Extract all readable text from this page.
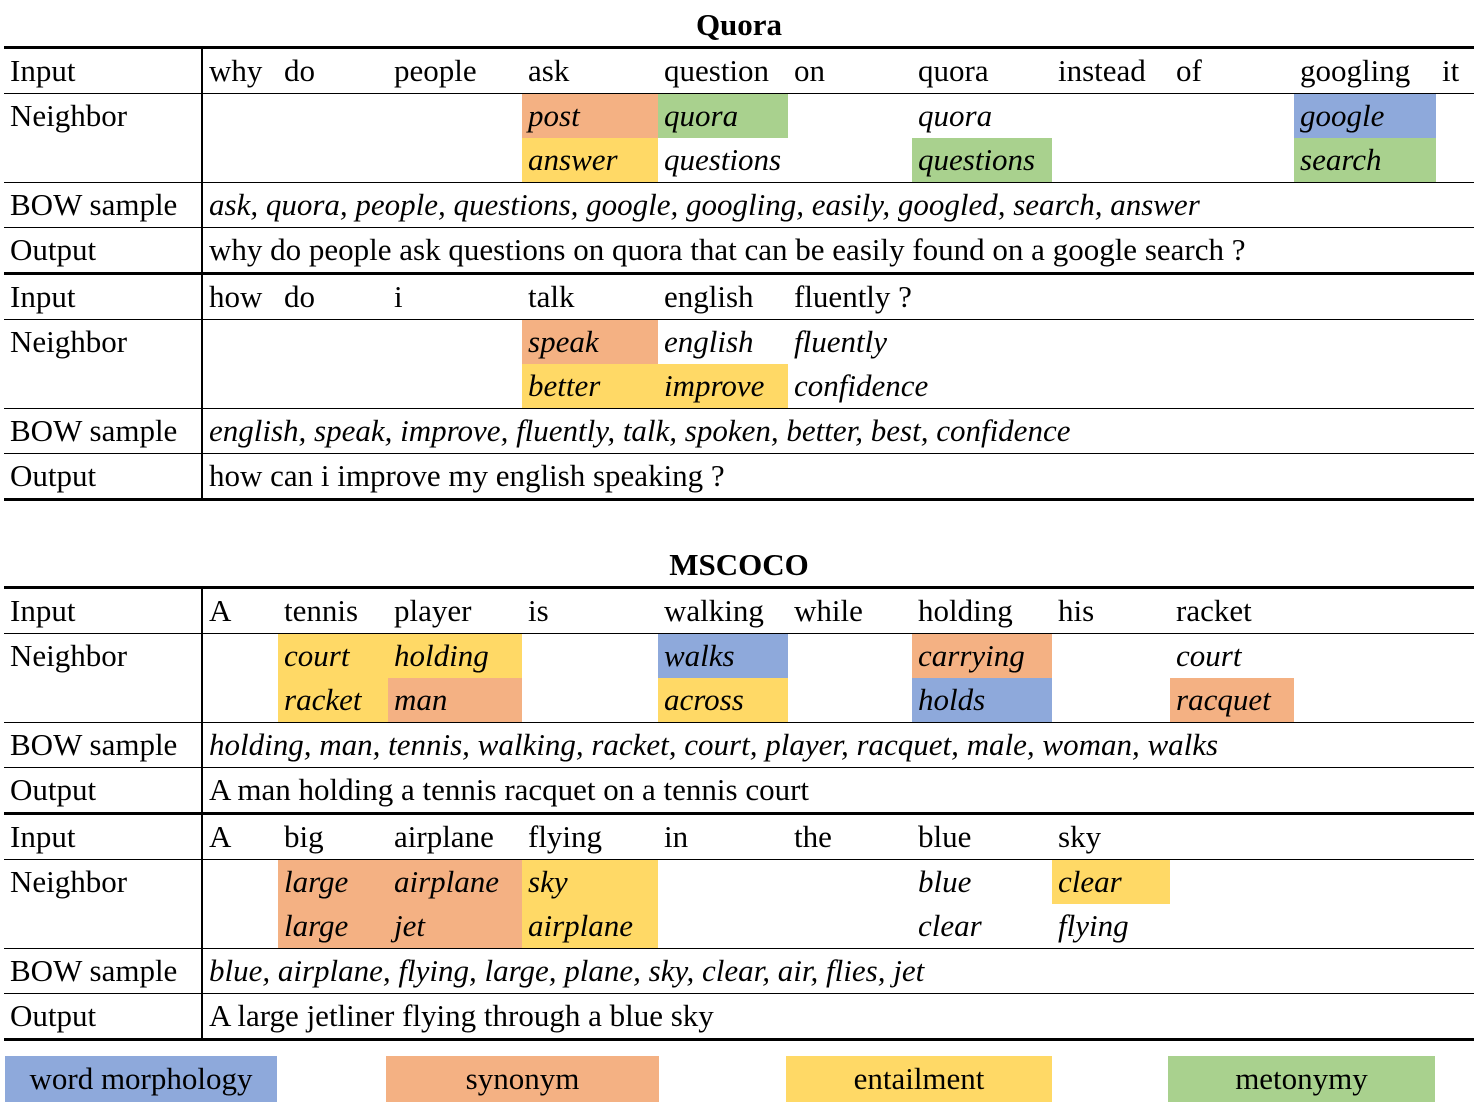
Quora
Input	why	do	people	ask	question	on	quora	instead	of	googling	it
Neighbor				post	quora		quora			google	
				answer	questions		questions			search	
BOW sample	ask, quora, people, questions, google, googling, easily, googled, search, answer										
Output	why do people ask questions on quora that can be easily found on a google search ?										
Input	how	do	i	talk	english	fluently ?					
Neighbor				speak	english	fluently					
				better	improve	confidence					
BOW sample	english, speak, improve, fluently, talk, spoken, better, best, confidence										
Output	how can i improve my english speaking ?										
MSCOCO
Input	A	tennis	player	is	walking	while	holding	his	racket		
Neighbor		court	holding		walks		carrying		court		
		racket	man		across		holds		racquet		
BOW sample	holding, man, tennis, walking, racket, court, player, racquet, male, woman, walks										
Output	A man holding a tennis racquet on a tennis court										
Input	A	big	airplane	flying	in	the	blue	sky			
Neighbor		large	airplane	sky			blue	clear			
		large	jet	airplane			clear	flying			
BOW sample	blue, airplane, flying, large, plane, sky, clear, air, flies, jet										
Output	A large jetliner flying through a blue sky										
word morphology	synonym	entailment	metonymy
